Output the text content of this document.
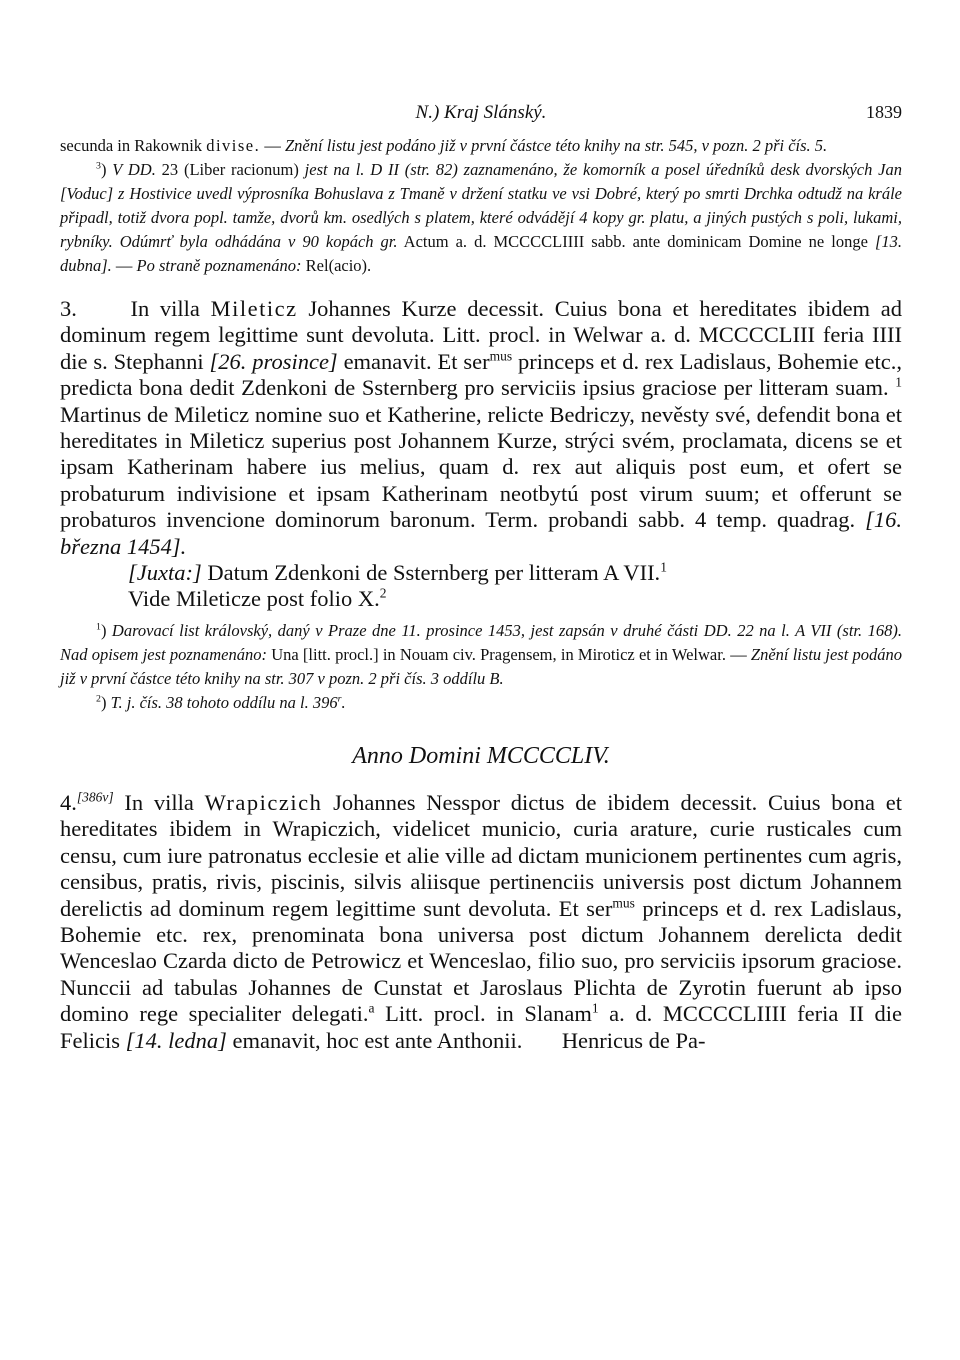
N.) Kraj Slánský.	1839

secunda in Rakownik divise. — Znění listu jest podáno již v první částce této knihy na str. 545, v pozn. 2 při čís. 5.

$^3$) V DD. 23 (Liber racionum) jest na l. D II (str. 82) zaznamenáno, že komorník a posel úředníků desk dvorských Jan [Voduc] z Hostivice uvedl výprosníka Bohuslava z Tmaně v držení statku ve vsi Dobré, který po smrti Drchka odtudž na krále připadl, totiž dvora popl. tamže, dvorů km. osedlých s platem, které odvádějí 4 kopy gr. platu, a jiných pustých s poli, lukami, rybníky. Odúmrť byla odhádána v 90 kopách gr. Actum a. d. MCCCCLIIII sabb. ante dominicam Domine ne longe [13. dubna]. — Po straně poznamenáno: Rel(acio).

3.     In villa Mileticz Johannes Kurze decessit. Cuius bona et hereditates ibidem ad dominum regem legittime sunt devoluta. Litt. procl. in Welwar a. d. MCCCCLIII feria IIII die s. Stephanni [26. prosince] emanavit. Et ser$^{mus}$ princeps et d. rex Ladislaus, Bohemie etc., predicta bona dedit Zdenkoni de Ssternberg pro serviciis ipsius graciose per litteram suam. $^1$ Martinus de Mileticz nomine suo et Katherine, relicte Bedriczy, nevěsty své, defendit bona et hereditates in Mileticz superius post Johannem Kurze, strýci svém, proclamata, dicens se et ipsam Katherinam habere ius melius, quam d. rex aut aliquis post eum, et ofert se probaturum indivisione et ipsam Katherinam neotbytú post virum suum; et offerunt se probaturos invencione dominorum baronum. Term. probandi sabb. 4 temp. quadrag. [16. března 1454].

[Juxta:] Datum Zdenkoni de Ssternberg per litteram A VII.$^1$
Vide Mileticze post folio X.$^2$

$^1$) Darovací list královský, daný v Praze dne 11. prosince 1453, jest zapsán v druhé části DD. 22 na l. A VII (str. 168). Nad opisem jest poznamenáno: Una [litt. procl.] in Nouam civ. Pragensem, in Miroticz et in Welwar. — Znění listu jest podáno již v první částce této knihy na str. 307 v pozn. 2 při čís. 3 oddílu B.

$^2$) T. j. čís. 38 tohoto oddílu na l. 396$^r$.

Anno Domini MCCCCLIV.

4.[386v] In villa Wrapiczich Johannes Nesspor dictus de ibidem decessit. Cuius bona et hereditates ibidem in Wrapiczich, videlicet municio, curia arature, curie rusticales cum censu, cum iure patronatus ecclesie et alie ville ad dictam municionem pertinentes cum agris, censibus, pratis, rivis, piscinis, silvis aliisque pertinenciis universis post dictum Johannem derelictis ad dominum regem legittime sunt devoluta. Et ser$^{mus}$ princeps et d. rex Ladislaus, Bohemie etc. rex, prenominata bona universa post dictum Johannem derelicta dedit Wenceslao Czarda dicto de Petrowicz et Wenceslao, filio suo, pro serviciis ipsorum graciose. Nunccii ad tabulas Johannes de Cunstat et Jaroslaus Plichta de Zyrotin fuerunt ab ipso domino rege specialiter delegati.$^a$ Litt. procl. in Slanam$^1$ a. d. MCCCCLIIII feria II die Felicis [14. ledna] emanavit, hoc est ante Anthonii. Henricus de Pa-
